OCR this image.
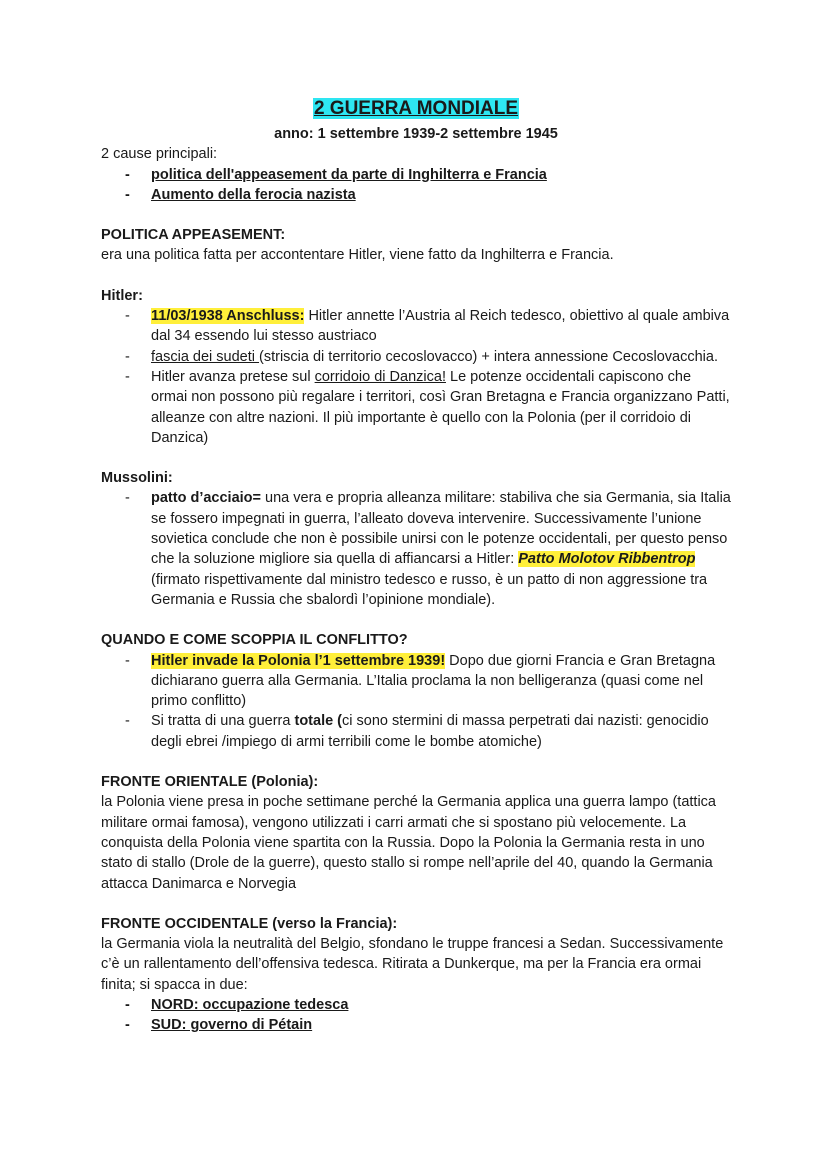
2 GUERRA MONDIALE

anno: 1 settembre 1939-2 settembre 1945

2 cause principali:

- politica dell'appeasement da parte di Inghilterra e Francia
- Aumento della ferocia nazista

POLITICA APPEASEMENT:

era una politica fatta per accontentare Hitler, viene fatto da Inghilterra e Francia.

Hitler:

- 11/03/1938 Anschluss: Hitler annette l’Austria al Reich tedesco, obiettivo al quale ambiva dal 34 essendo lui stesso austriaco
- fascia dei sudeti (striscia di territorio cecoslovacco) + intera annessione Cecoslovacchia.
- Hitler avanza pretese sul corridoio di Danzica! Le potenze occidentali capiscono che ormai non possono più regalare i territori, così Gran Bretagna e Francia organizzano Patti, alleanze con altre nazioni. Il più importante è quello con la Polonia (per il corridoio di Danzica)

Mussolini:

- patto d’acciaio= una vera e propria alleanza militare: stabiliva che sia Germania, sia Italia se fossero impegnati in guerra, l’alleato doveva intervenire. Successivamente l’unione sovietica conclude che non è possibile unirsi con le potenze occidentali, per questo penso che la soluzione migliore sia quella di affiancarsi a Hitler: Patto Molotov Ribbentrop (firmato rispettivamente dal ministro tedesco e russo, è un patto di non aggressione tra Germania e Russia che sbalordì l’opinione mondiale).

QUANDO E COME SCOPPIA IL CONFLITTO?

- Hitler invade la Polonia l’1 settembre 1939! Dopo due giorni Francia e Gran Bretagna dichiarano guerra alla Germania. L’Italia proclama la non belligeranza (quasi come nel primo conflitto)
- Si tratta di una guerra totale (ci sono stermini di massa perpetrati dai nazisti: genocidio degli ebrei /impiego di armi terribili come le bombe atomiche)

FRONTE ORIENTALE (Polonia):

la Polonia viene presa in poche settimane perché la Germania applica una guerra lampo (tattica militare ormai famosa), vengono utilizzati i carri armati che si spostano più velocemente. La conquista della Polonia viene spartita con la Russia. Dopo la Polonia la Germania resta in uno stato di stallo (Drole de la guerre), questo stallo si rompe nell’aprile del 40, quando la Germania attacca Danimarca e Norvegia

FRONTE OCCIDENTALE (verso la Francia):

la Germania viola la neutralità del Belgio, sfondano le truppe francesi a Sedan. Successivamente c’è un rallentamento dell’offensiva tedesca. Ritirata a Dunkerque, ma per la Francia era ormai finita; si spacca in due:

- NORD: occupazione tedesca
- SUD: governo di Pétain
